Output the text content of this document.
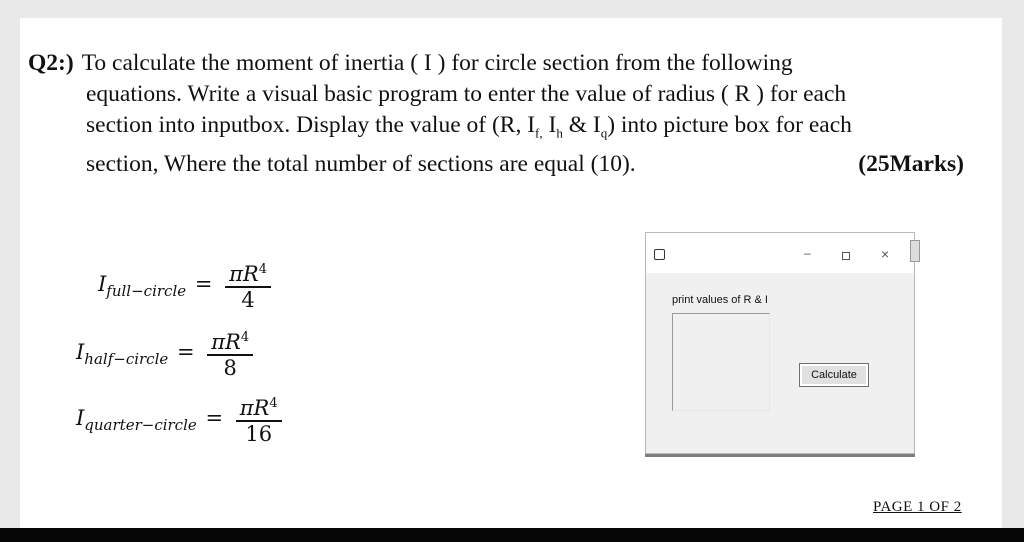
Q2:) To calculate the moment of inertia ( I ) for circle section from the following
equations. Write a visual basic program to enter the value of radius ( R ) for each
section into inputbox. Display the value of (R, $I_{f,}$ $I_h$ & $I_q$) into picture box for each
section, Where the total number of sections are equal (10).	(25Marks)
$I_{full-circle} = \frac{\pi R^4}{4}$
$I_{half-circle} = \frac{\pi R^4}{8}$
$I_{quarter-circle} = \frac{\pi R^4}{16}$
–	×
print values of R & I
Calculate
PAGE 1 OF 2
